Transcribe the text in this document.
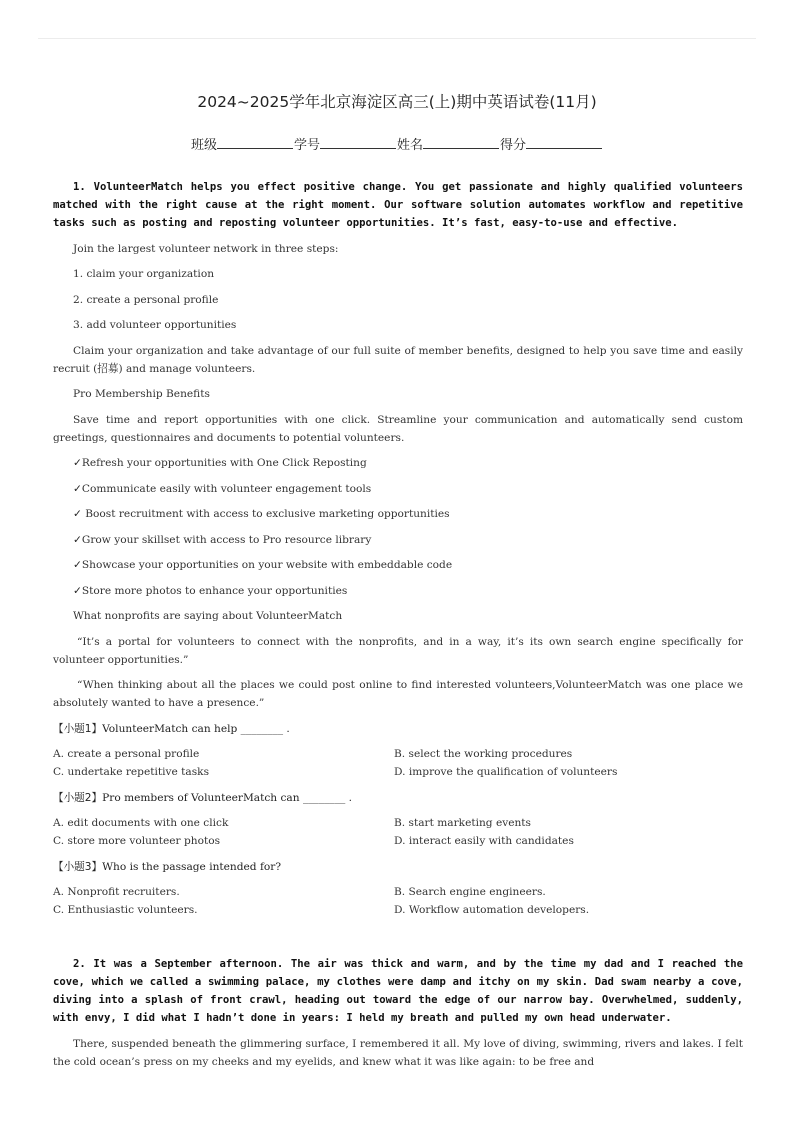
2024~2025学年北京海淀区高三(上)期中英语试卷(11月)
班级	学号	姓名	得分

1. VolunteerMatch helps you effect positive change. You get passionate and highly qualified volunteers matched with the right cause at the right moment. Our software solution automates workflow and repetitive tasks such as posting and reposting volunteer opportunities. It’s fast, easy-to-use and effective.

Join the largest volunteer network in three steps:

1. claim your organization

2. create a personal profile

3. add volunteer opportunities

Claim your organization and take advantage of our full suite of member benefits, designed to help you save time and easily recruit (招募) and manage volunteers.

Pro Membership Benefits

Save time and report opportunities with one click. Streamline your communication and automatically send custom greetings, questionnaires and documents to potential volunteers.

✓Refresh your opportunities with One Click Reposting

✓Communicate easily with volunteer engagement tools

✓ Boost recruitment with access to exclusive marketing opportunities

✓Grow your skillset with access to Pro resource library

✓Showcase your opportunities on your website with embeddable code

✓Store more photos to enhance your opportunities

What nonprofits are saying about VolunteerMatch

“It’s a portal for volunteers to connect with the nonprofits, and in a way, it’s its own search engine specifically for volunteer opportunities.”

“When thinking about all the places we could post online to find interested volunteers,VolunteerMatch was one place we absolutely wanted to have a presence.”

【小题1】VolunteerMatch can help ________ .

A. create a personal profile	B. select the working procedures
C. undertake repetitive tasks	D. improve the qualification of volunteers

【小题2】Pro members of VolunteerMatch can ________ .

A. edit documents with one click	B. start marketing events
C. store more volunteer photos	D. interact easily with candidates

【小题3】Who is the passage intended for?

A. Nonprofit recruiters.	B. Search engine engineers.
C. Enthusiastic volunteers.	D. Workflow automation developers.

2. It was a September afternoon. The air was thick and warm, and by the time my dad and I reached the cove, which we called a swimming palace, my clothes were damp and itchy on my skin. Dad swam nearby a cove, diving into a splash of front crawl, heading out toward the edge of our narrow bay. Overwhelmed, suddenly, with envy, I did what I hadn’t done in years: I held my breath and pulled my own head underwater.

There, suspended beneath the glimmering surface, I remembered it all. My love of diving, swimming, rivers and lakes. I felt the cold ocean’s press on my cheeks and my eyelids, and knew what it was like again: to be free and
